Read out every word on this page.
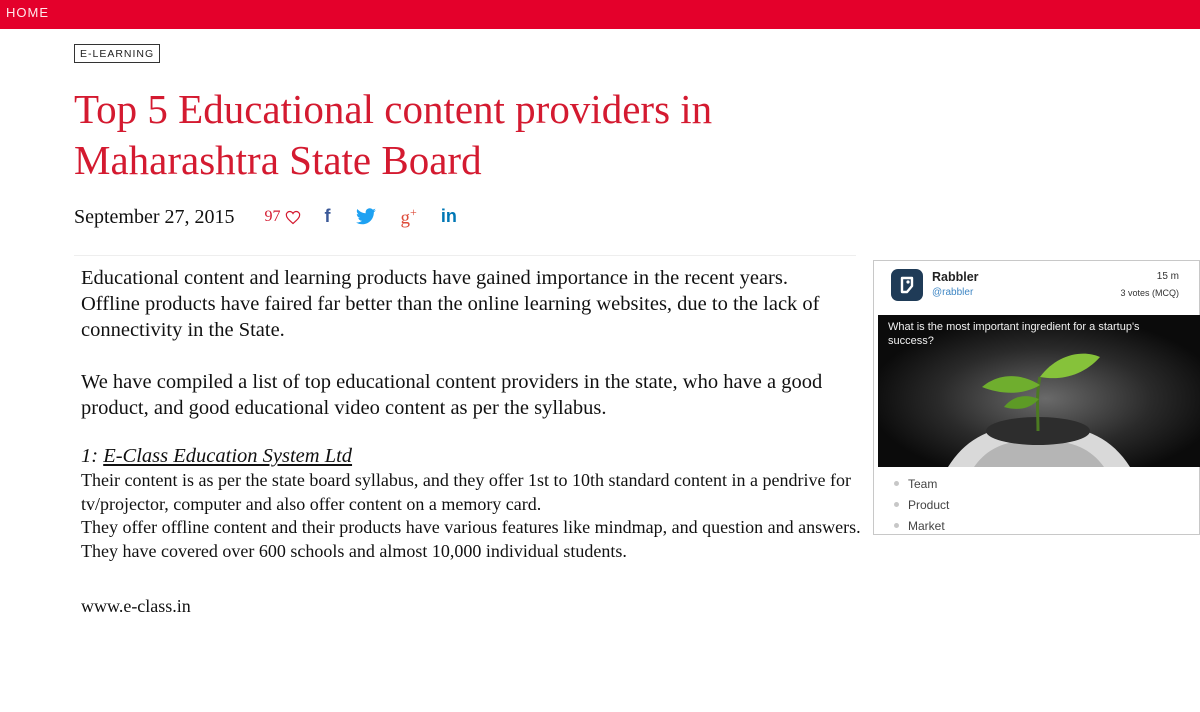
HOME
E-LEARNING
Top 5 Educational content providers in Maharashtra State Board
September 27, 2015 97 f	g+ in

Educational content and learning products have gained importance in the recent years.

Offline products have faired far better than the online learning websites, due to the lack of connectivity in the State.

We have compiled a list of top educational content providers in the state, who have a good product, and good educational video content as per the syllabus.

1: E-Class Education System Ltd

Their content is as per the state board syllabus, and they offer 1st to 10th standard content in a pendrive for tv/projector, computer and also offer content on a memory card.

They offer offline content and their products have various features like mindmap, and question and answers. They have covered over 600 schools and almost 10,000 individual students.

www.e-class.in

Rabbler
@rabbler
15 m
3 votes (MCQ)

What is the most important ingredient for a startup's success?

Team
Product
Market
